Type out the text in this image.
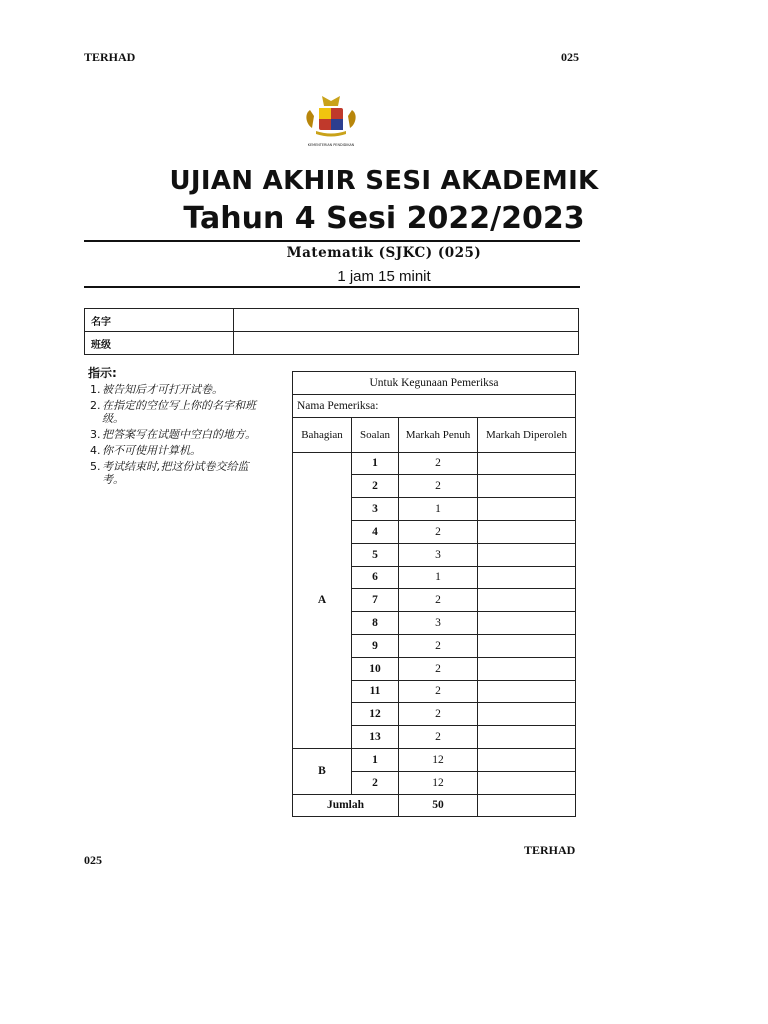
TERHAD	025
KEMENTERIAN PENDIDIKAN
UJIAN AKHIR SESI AKADEMIK
Tahun 4 Sesi 2022/2023
Matematik (SJKC) (025)
1 jam 15 minit
名字	
班级	
指示:
1. 被告知后才可打开试卷。
2. 在指定的空位写上你的名字和班级。
3. 把答案写在试题中空白的地方。
4. 你不可使用计算机。
5. 考试结束时,把这份试卷交给监考。
Untuk Kegunaan Pemeriksa			
Nama Pemeriksa:			
Bahagian	Soalan	Markah Penuh	Markah Diperoleh
A	1	2	
	2	2	
	3	1	
	4	2	
	5	3	
	6	1	
	7	2	
	8	3	
	9	2	
	10	2	
	11	2	
	12	2	
	13	2	
B	1	12	
	2	12	
Jumlah		50	
025
TERHAD
